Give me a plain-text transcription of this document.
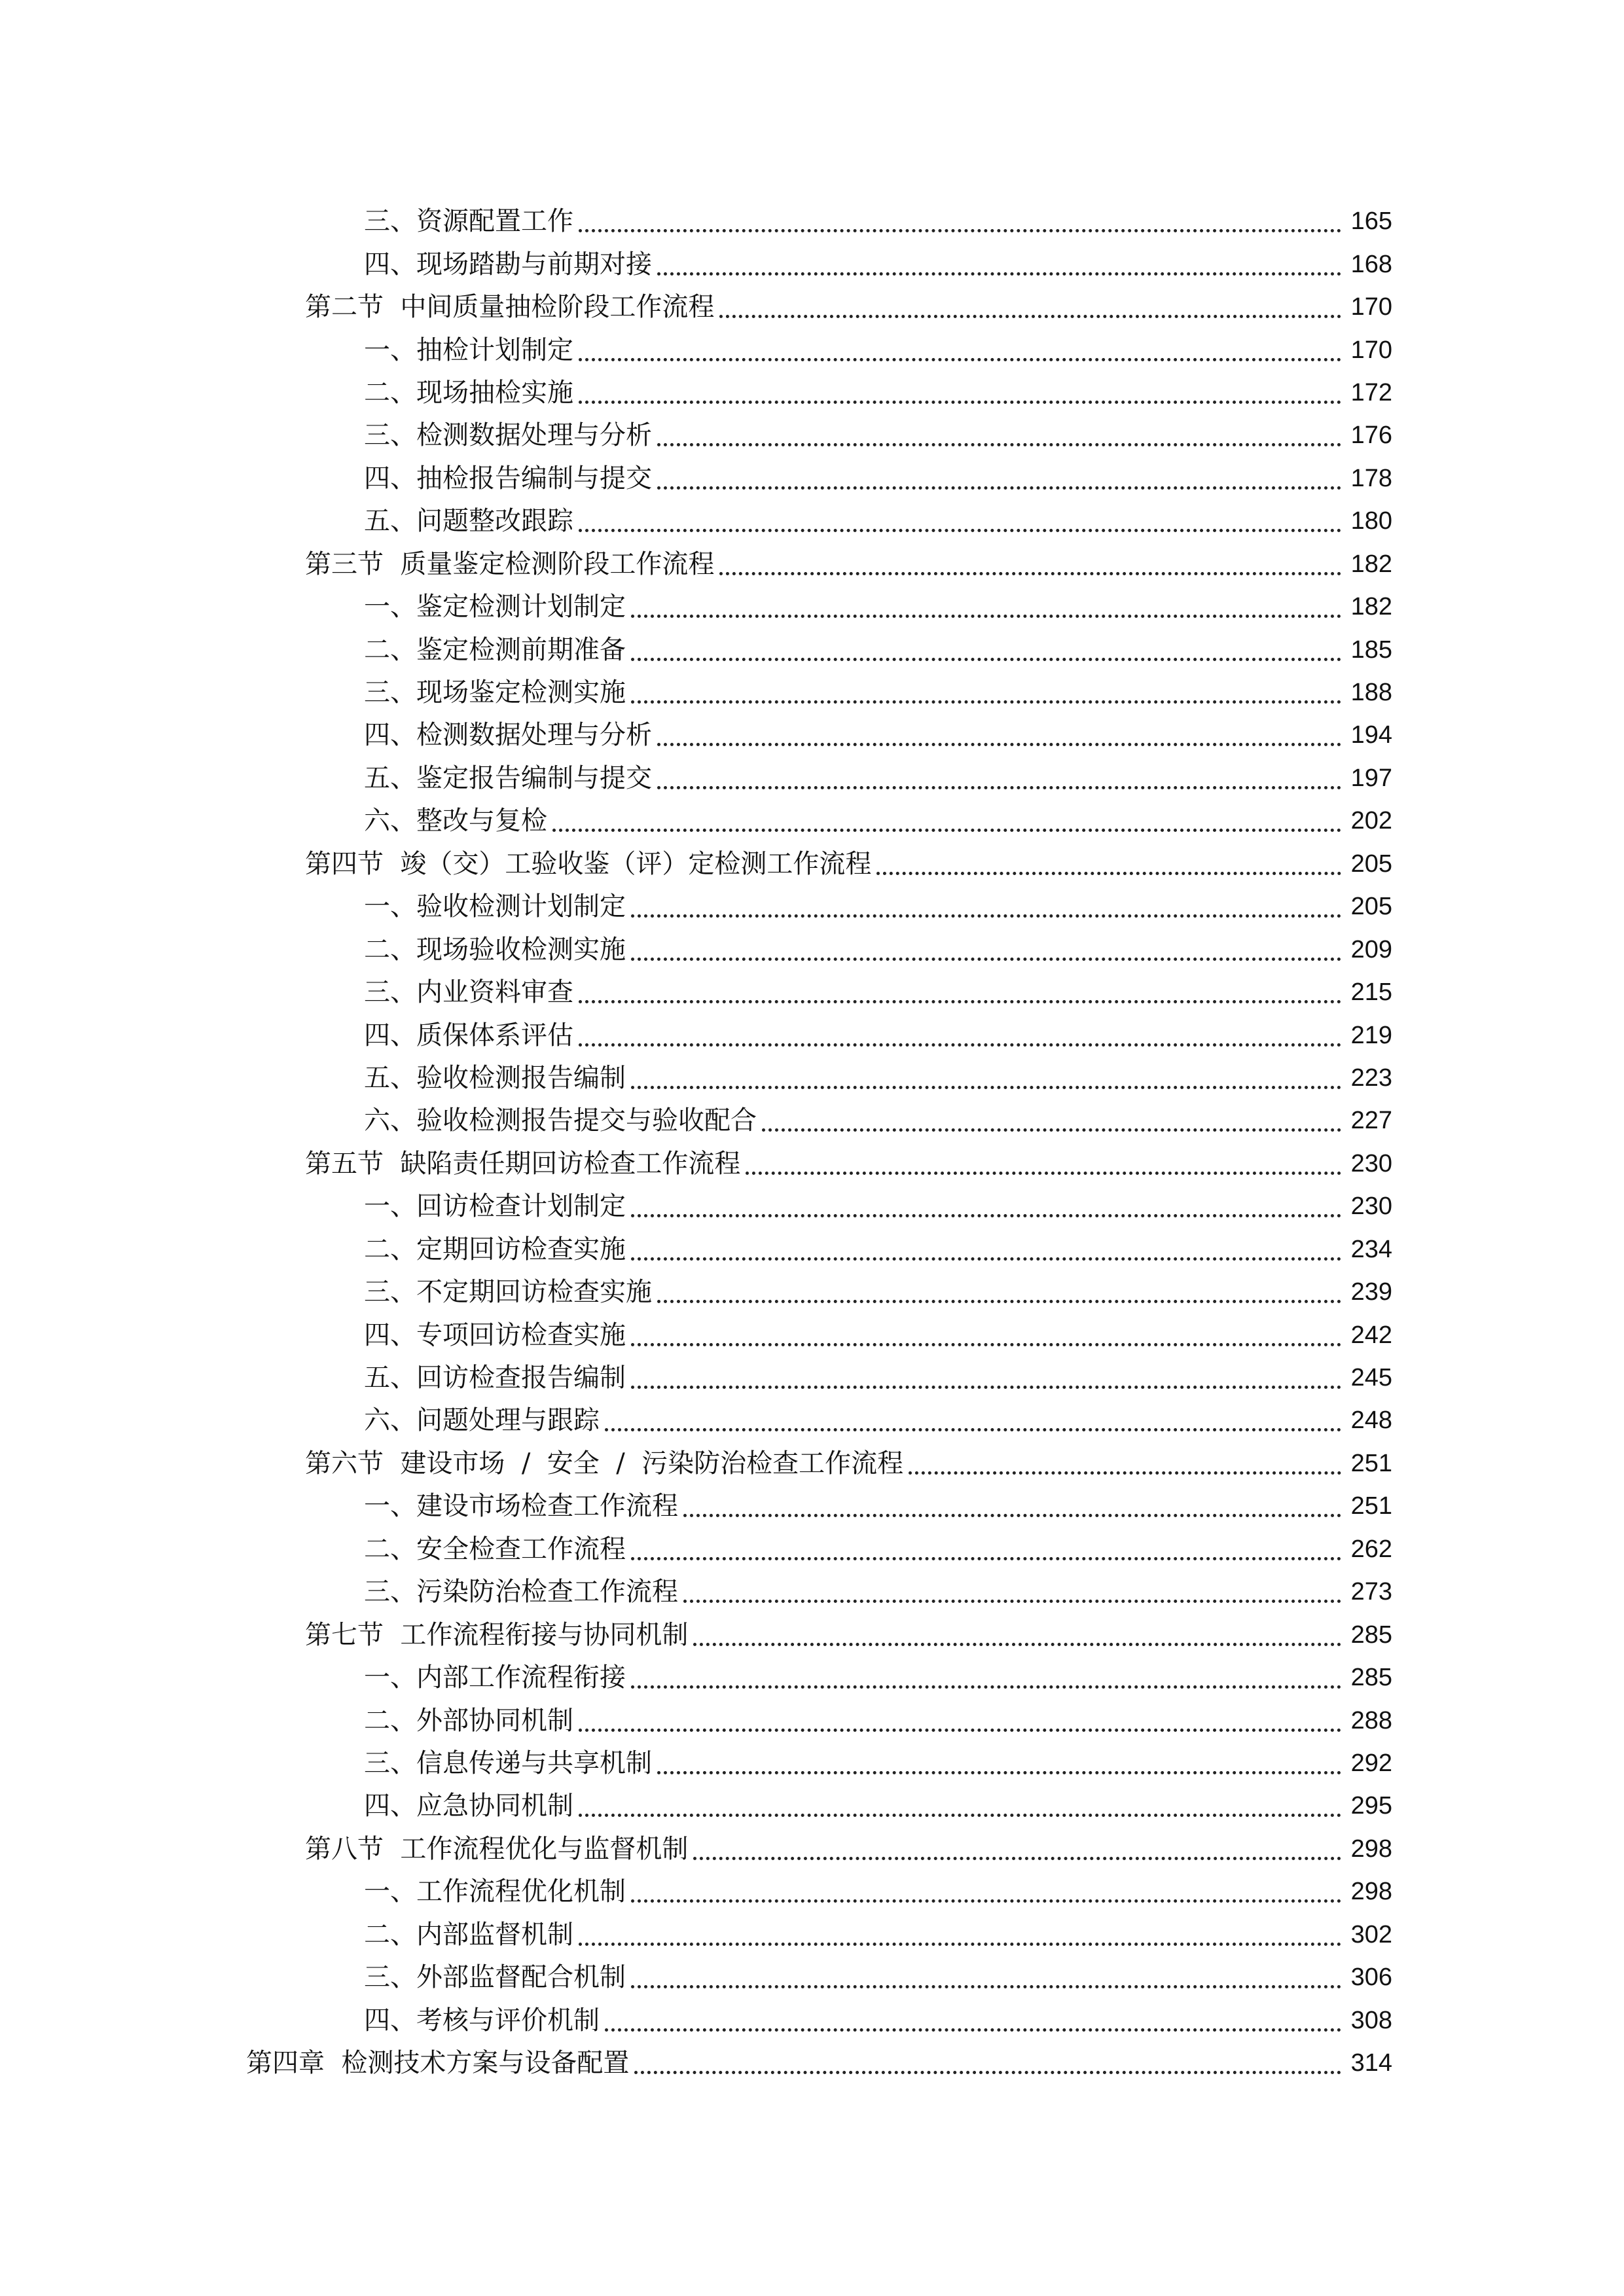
三、资源配置工作	165
四、现场踏勘与前期对接	168
第二节  中间质量抽检阶段工作流程	170
一、抽检计划制定	170
二、现场抽检实施	172
三、检测数据处理与分析	176
四、抽检报告编制与提交	178
五、问题整改跟踪	180
第三节  质量鉴定检测阶段工作流程	182
一、鉴定检测计划制定	182
二、鉴定检测前期准备	185
三、现场鉴定检测实施	188
四、检测数据处理与分析	194
五、鉴定报告编制与提交	197
六、整改与复检	202
第四节  竣（交）工验收鉴（评）定检测工作流程	205
一、验收检测计划制定	205
二、现场验收检测实施	209
三、内业资料审查	215
四、质保体系评估	219
五、验收检测报告编制	223
六、验收检测报告提交与验收配合	227
第五节  缺陷责任期回访检查工作流程	230
一、回访检查计划制定	230
二、定期回访检查实施	234
三、不定期回访检查实施	239
四、专项回访检查实施	242
五、回访检查报告编制	245
六、问题处理与跟踪	248
第六节  建设市场  /  安全  /  污染防治检查工作流程	251
一、建设市场检查工作流程	251
二、安全检查工作流程	262
三、污染防治检查工作流程	273
第七节  工作流程衔接与协同机制	285
一、内部工作流程衔接	285
二、外部协同机制	288
三、信息传递与共享机制	292
四、应急协同机制	295
第八节  工作流程优化与监督机制	298
一、工作流程优化机制	298
二、内部监督机制	302
三、外部监督配合机制	306
四、考核与评价机制	308
第四章  检测技术方案与设备配置	314
